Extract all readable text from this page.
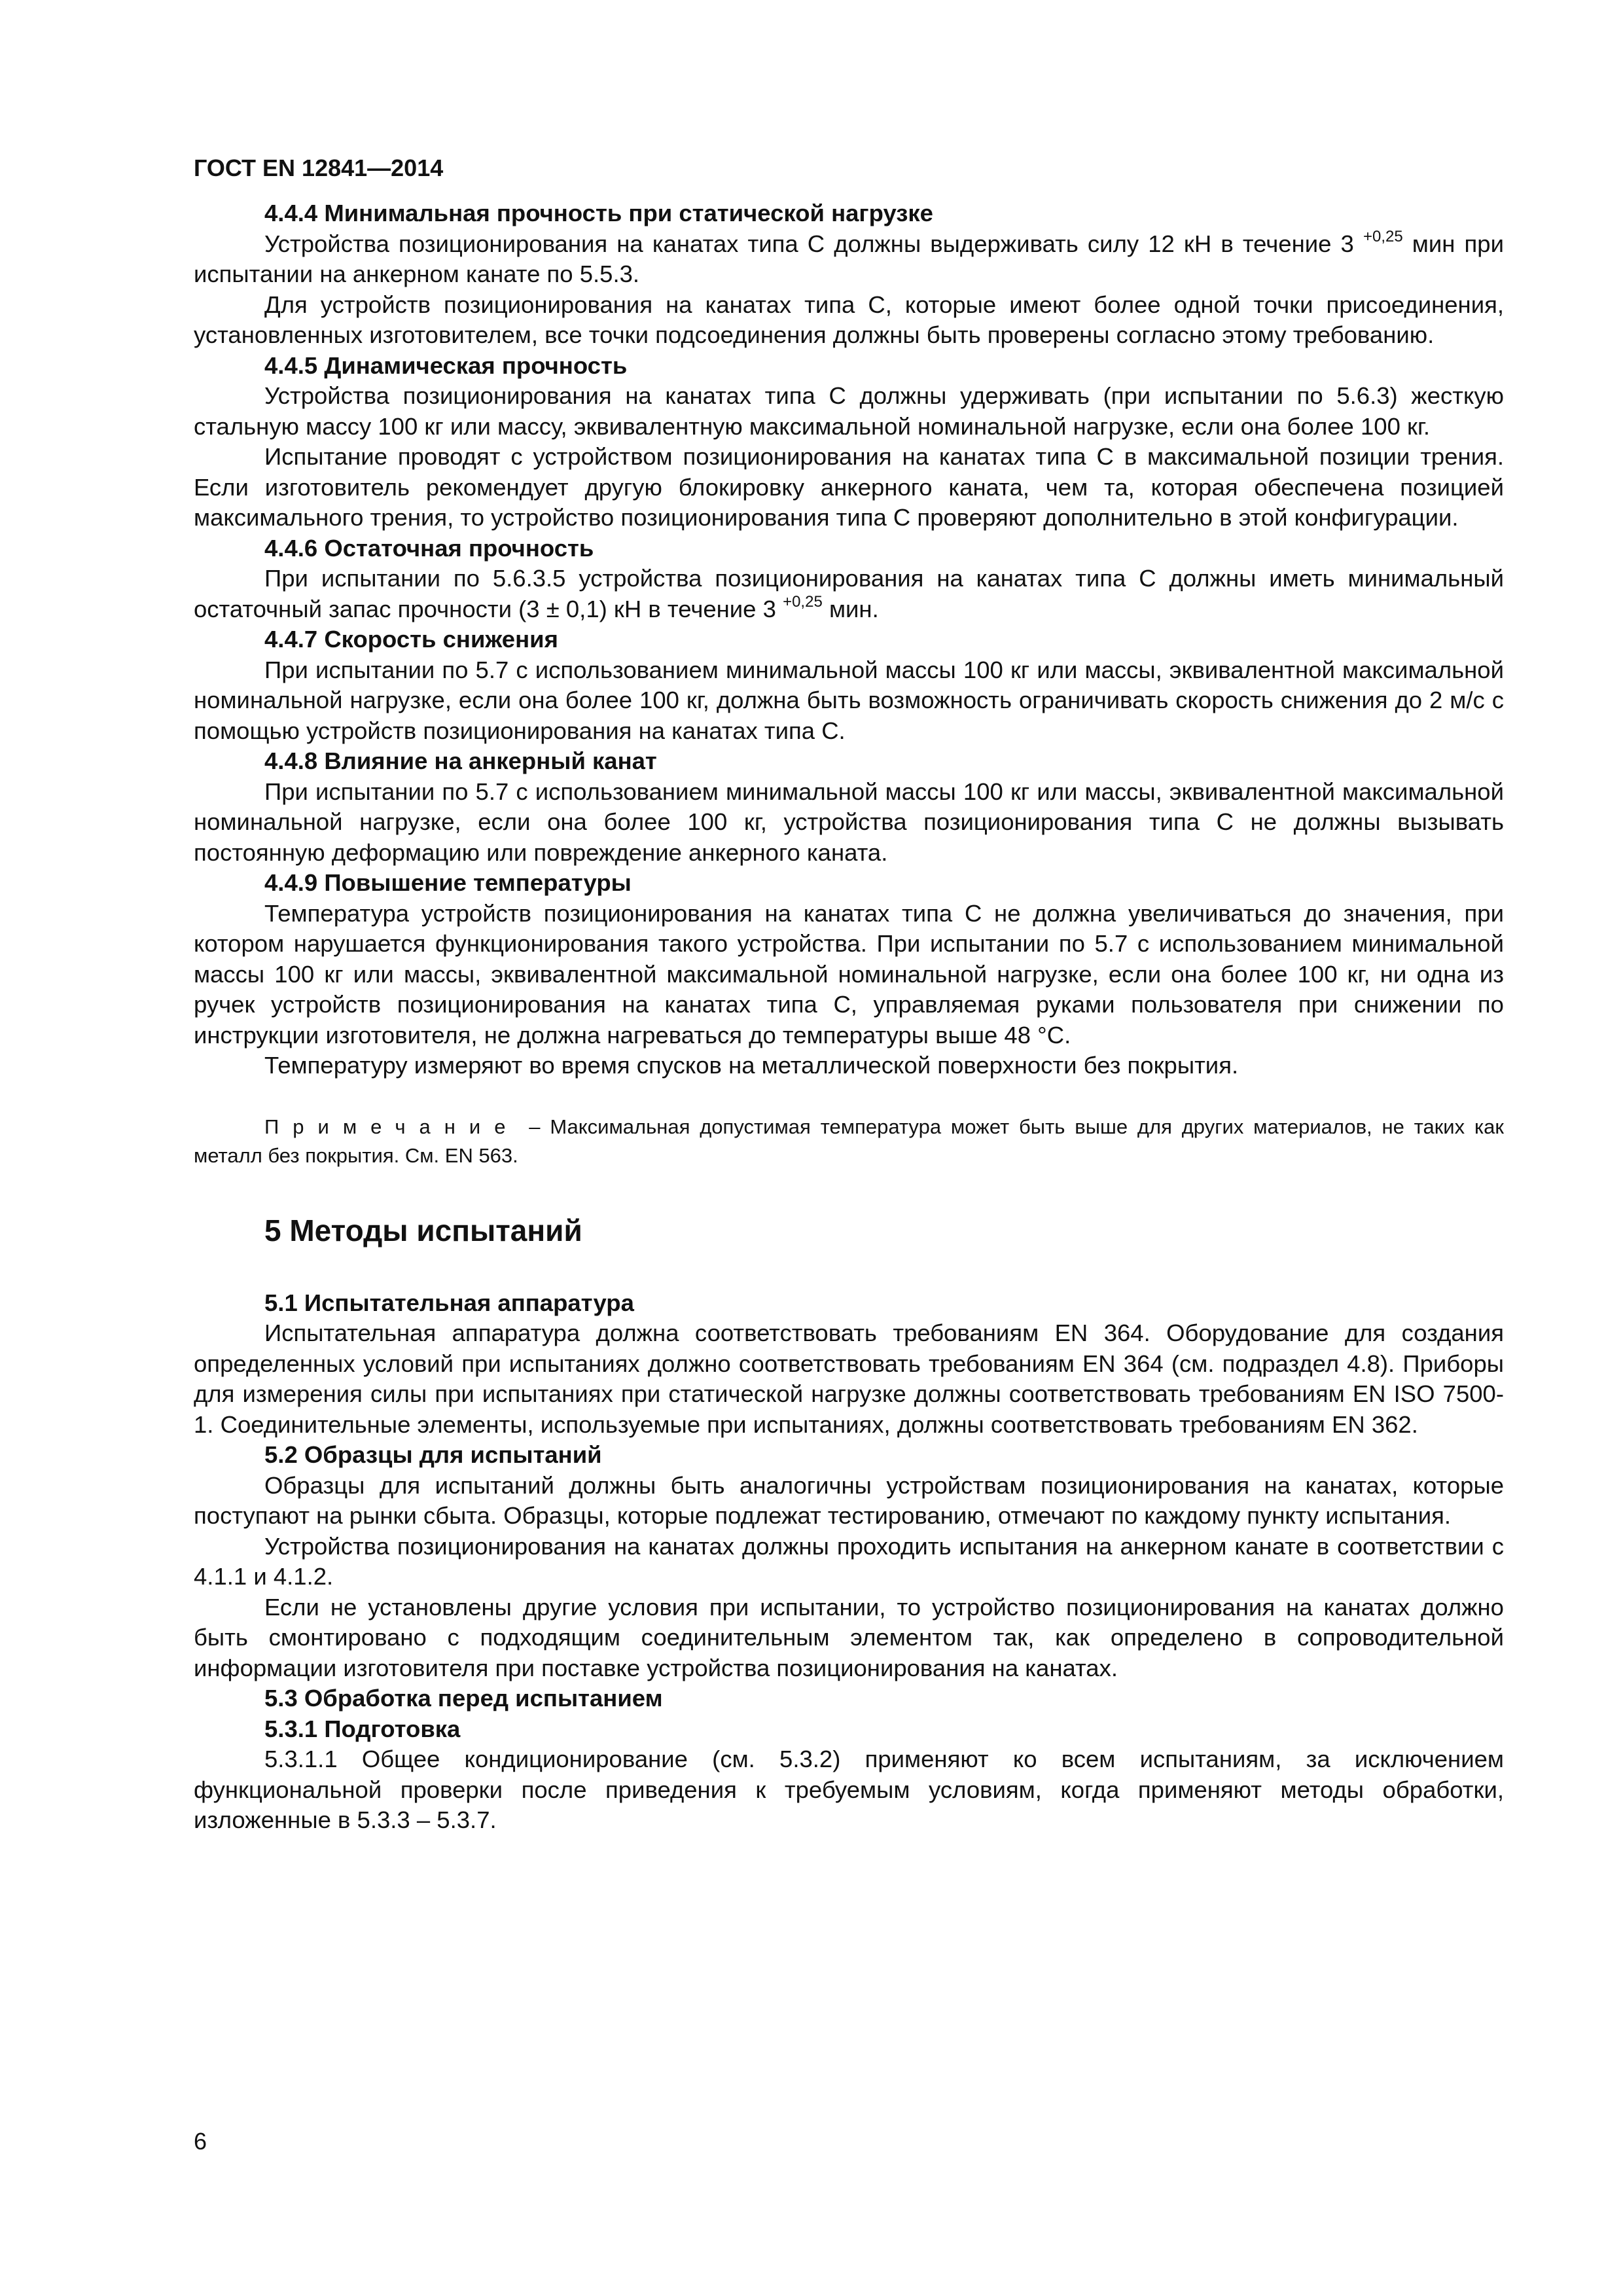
ГОСТ EN 12841—2014
4.4.4 Минимальная прочность при статической нагрузке
Устройства позиционирования на канатах типа С должны выдерживать силу 12 кН в течение 3 $^{+0,25}$ мин при испытании на анкерном канате по 5.5.3.
Для устройств позиционирования на канатах типа С, которые имеют более одной точки присоединения, установленных изготовителем, все точки подсоединения должны быть проверены согласно этому требованию.
4.4.5 Динамическая прочность
Устройства позиционирования на канатах типа С должны удерживать (при испытании по 5.6.3) жесткую стальную массу 100 кг или массу, эквивалентную максимальной номинальной нагрузке, если она более 100 кг.
Испытание проводят с устройством позиционирования на канатах типа С в максимальной позиции трения. Если изготовитель рекомендует другую блокировку анкерного каната, чем та, которая обеспечена позицией максимального трения, то устройство позиционирования типа С проверяют дополнительно в этой конфигурации.
4.4.6 Остаточная прочность
При испытании по 5.6.3.5 устройства позиционирования на канатах типа С должны иметь минимальный остаточный запас прочности (3 ± 0,1) кН в течение 3 $^{+0,25}$ мин.
4.4.7 Скорость снижения
При испытании по 5.7 с использованием минимальной массы 100 кг или массы, эквивалентной максимальной номинальной нагрузке, если она более 100 кг, должна быть возможность ограничивать скорость снижения до 2 м/с с помощью устройств позиционирования на канатах типа С.
4.4.8 Влияние на анкерный канат
При испытании по 5.7 с использованием минимальной массы 100 кг или массы, эквивалентной максимальной номинальной нагрузке, если она более 100 кг, устройства позиционирования типа С не должны вызывать постоянную деформацию или повреждение анкерного каната.
4.4.9 Повышение температуры
Температура устройств позиционирования на канатах типа С не должна увеличиваться до значения, при котором нарушается функционирования такого устройства. При испытании по 5.7 с использованием минимальной массы 100 кг или массы, эквивалентной максимальной номинальной нагрузке, если она более 100 кг, ни одна из ручек устройств позиционирования на канатах типа С, управляемая руками пользователя при снижении по инструкции изготовителя, не должна нагреваться до температуры выше 48 °С.
Температуру измеряют во время спусков на металлической поверхности без покрытия.
Примечание – Максимальная допустимая температура может быть выше для других материалов, не таких как металл без покрытия. См. EN 563.
5 Методы испытаний
5.1 Испытательная аппаратура
Испытательная аппаратура должна соответствовать требованиям EN 364. Оборудование для создания определенных условий при испытаниях должно соответствовать требованиям EN 364 (см. подраздел 4.8). Приборы для измерения силы при испытаниях при статической нагрузке должны соответствовать требованиям EN ISO 7500-1. Соединительные элементы, используемые при испытаниях, должны соответствовать требованиям EN 362.
5.2 Образцы для испытаний
Образцы для испытаний должны быть аналогичны устройствам позиционирования на канатах, которые поступают на рынки сбыта. Образцы, которые подлежат тестированию, отмечают по каждому пункту испытания.
Устройства позиционирования на канатах должны проходить испытания на анкерном канате в соответствии с 4.1.1 и 4.1.2.
Если не установлены другие условия при испытании, то устройство позиционирования на канатах должно быть смонтировано с подходящим соединительным элементом так, как определено в сопроводительной информации изготовителя при поставке устройства позиционирования на канатах.
5.3 Обработка перед испытанием
5.3.1 Подготовка
5.3.1.1 Общее кондиционирование (см. 5.3.2) применяют ко всем испытаниям, за исключением функциональной проверки после приведения к требуемым условиям, когда применяют методы обработки, изложенные в 5.3.3 – 5.3.7.
6
